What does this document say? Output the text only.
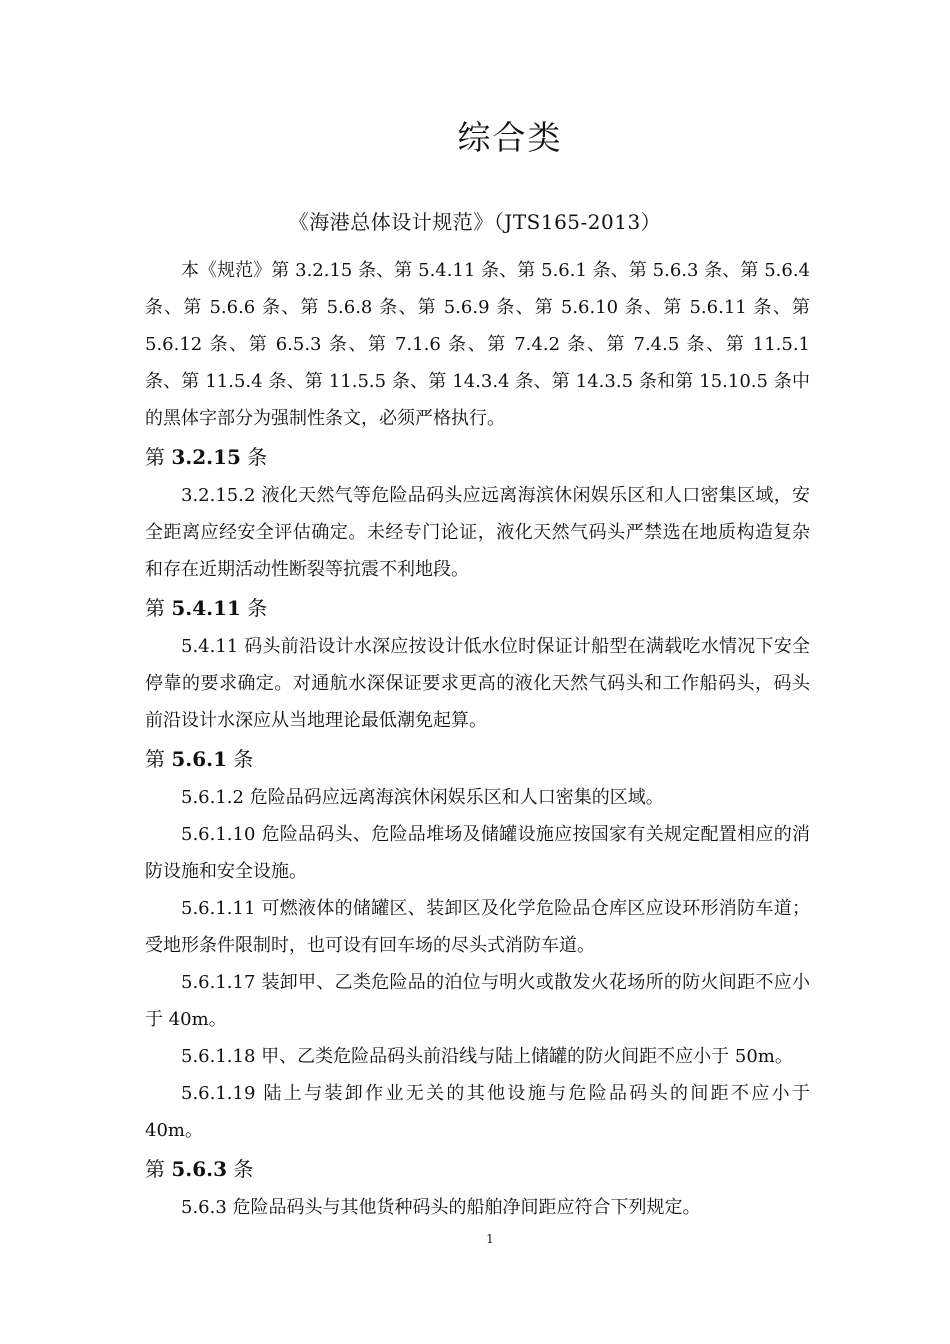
综合类
《海港总体设计规范》（JTS165-2013）

本《规范》第 3.2.15 条、第 5.4.11 条、第 5.6.1 条、第 5.6.3 条、第 5.6.4 条、第 5.6.6 条、第 5.6.8 条、第 5.6.9 条、第 5.6.10 条、第 5.6.11 条、第 5.6.12 条、第 6.5.3 条、第 7.1.6 条、第 7.4.2 条、第 7.4.5 条、第 11.5.1 条、第 11.5.4 条、第 11.5.5 条、第 14.3.4 条、第 14.3.5 条和第 15.10.5 条中的黑体字部分为强制性条文，必须严格执行。

第 3.2.15 条

3.2.15.2 液化天然气等危险品码头应远离海滨休闲娱乐区和人口密集区域，安全距离应经安全评估确定。未经专门论证，液化天然气码头严禁选在地质构造复杂和存在近期活动性断裂等抗震不利地段。

第 5.4.11 条

5.4.11 码头前沿设计水深应按设计低水位时保证计船型在满载吃水情况下安全停靠的要求确定。对通航水深保证要求更高的液化天然气码头和工作船码头，码头前沿设计水深应从当地理论最低潮免起算。

第 5.6.1 条

5.6.1.2 危险品码应远离海滨休闲娱乐区和人口密集的区域。

5.6.1.10 危险品码头、危险品堆场及储罐设施应按国家有关规定配置相应的消防设施和安全设施。

5.6.1.11 可燃液体的储罐区、装卸区及化学危险品仓库区应设环形消防车道；受地形条件限制时，也可设有回车场的尽头式消防车道。

5.6.1.17 装卸甲、乙类危险品的泊位与明火或散发火花场所的防火间距不应小于 40m。

5.6.1.18 甲、乙类危险品码头前沿线与陆上储罐的防火间距不应小于 50m。

5.6.1.19 陆上与装卸作业无关的其他设施与危险品码头的间距不应小于 40m。

第 5.6.3 条

5.6.3 危险品码头与其他货种码头的船舶净间距应符合下列规定。

1
